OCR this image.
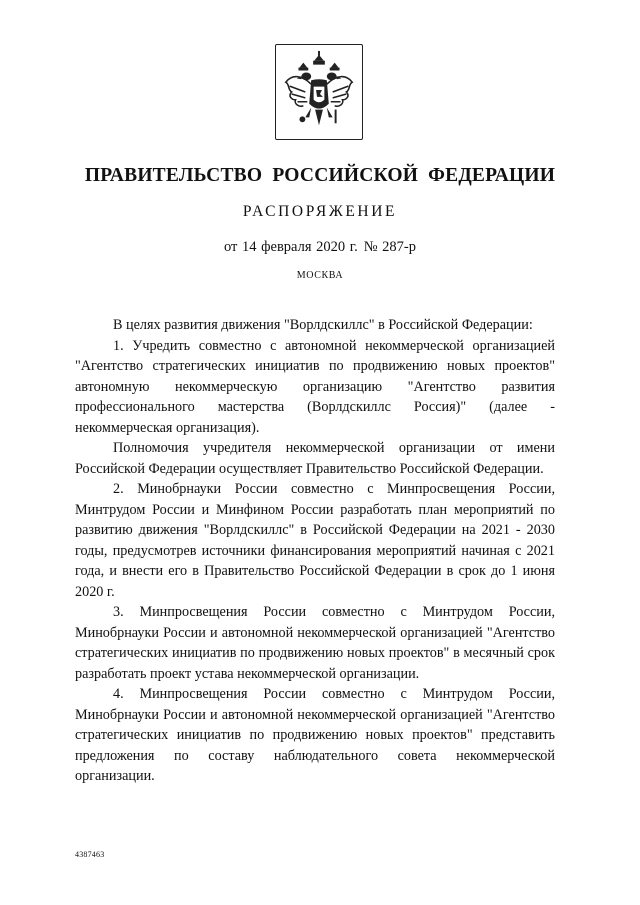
ПРАВИТЕЛЬСТВО РОССИЙСКОЙ ФЕДЕРАЦИИ
РАСПОРЯЖЕНИЕ
от 14 февраля 2020 г. № 287-р
МОСКВА

В целях развития движения "Ворлдскиллс" в Российской Федерации:

1. Учредить совместно с автономной некоммерческой организацией "Агентство стратегических инициатив по продвижению новых проектов" автономную некоммерческую организацию "Агентство развития профессионального мастерства (Ворлдскиллс Россия)" (далее - некоммерческая организация).

Полномочия учредителя некоммерческой организации от имени Российской Федерации осуществляет Правительство Российской Федерации.

2. Минобрнауки России совместно с Минпросвещения России, Минтрудом России и Минфином России разработать план мероприятий по развитию движения "Ворлдскиллс" в Российской Федерации на 2021 - 2030 годы, предусмотрев источники финансирования мероприятий начиная с 2021 года, и внести его в Правительство Российской Федерации в срок до 1 июня 2020 г.

3. Минпросвещения России совместно с Минтрудом России, Минобрнауки России и автономной некоммерческой организацией "Агентство стратегических инициатив по продвижению новых проектов" в месячный срок разработать проект устава некоммерческой организации.

4. Минпросвещения России совместно с Минтрудом России, Минобрнауки России и автономной некоммерческой организацией "Агентство стратегических инициатив по продвижению новых проектов" представить предложения по составу наблюдательного совета некоммерческой организации.

4387463
